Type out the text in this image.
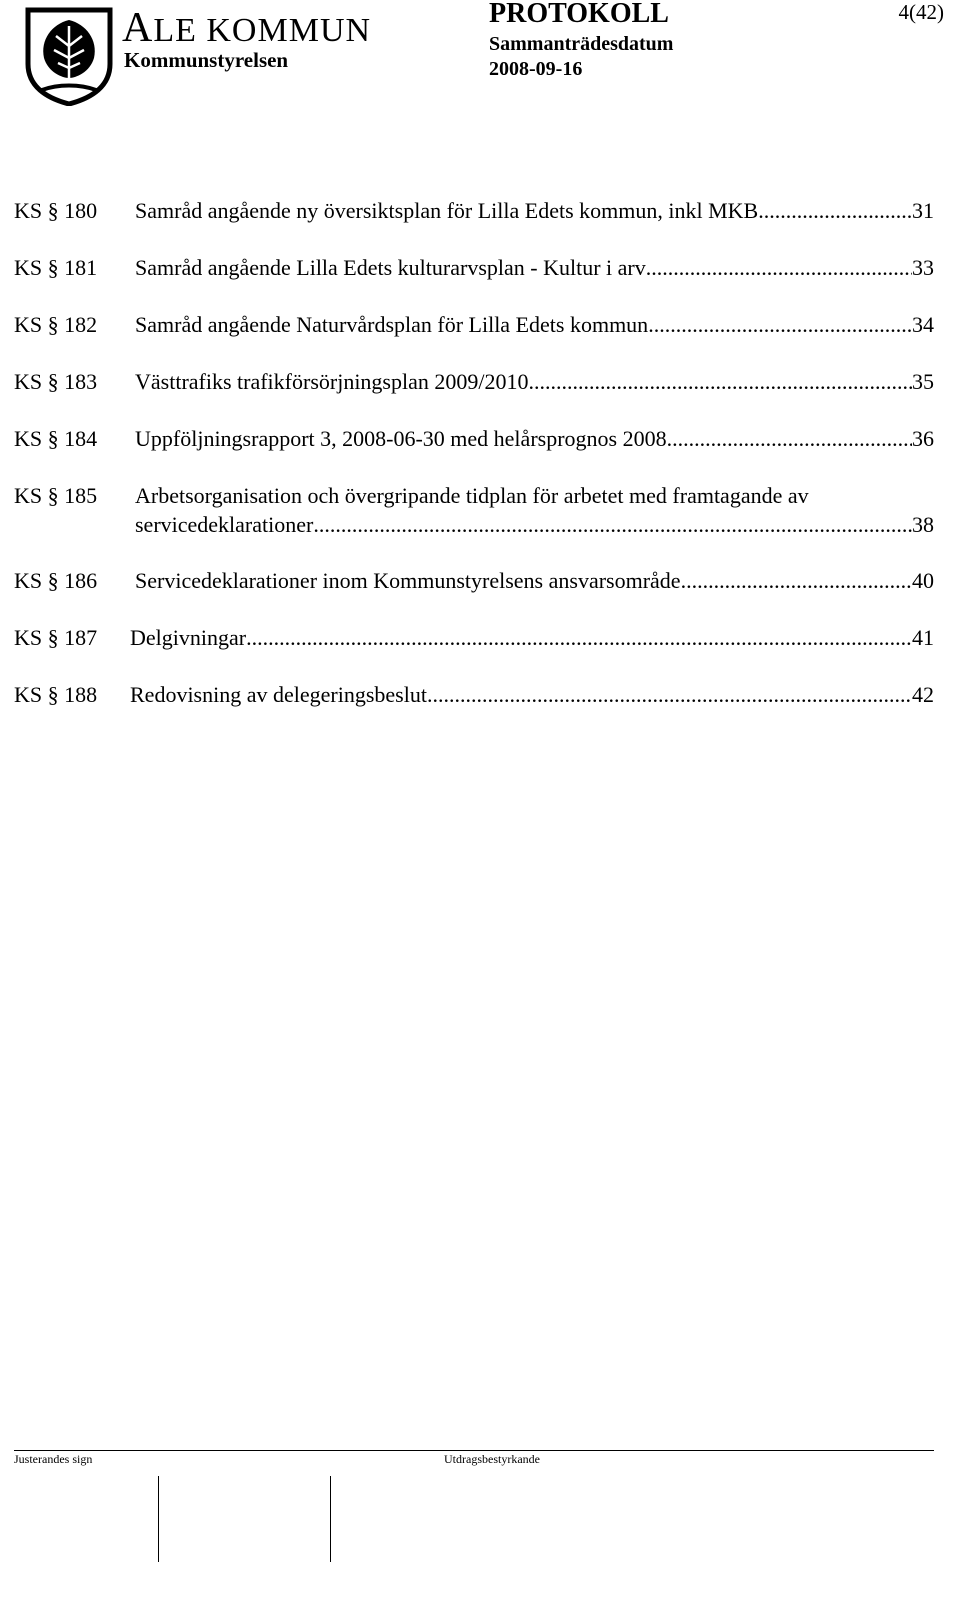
ALE KOMMUN
Kommunstyrelsen
PROTOKOLL	4(42)
Sammanträdesdatum
2008-09-16
KS § 180 Samråd angående ny översiktsplan för Lilla Edets kommun, inkl MKB .....	31
KS § 181 Samråd angående Lilla Edets kulturarvsplan - Kultur i arv .....	33
KS § 182 Samråd angående Naturvårdsplan för Lilla Edets kommun .....	34
KS § 183 Västtrafiks trafikförsörjningsplan 2009/2010 .....	35
KS § 184 Uppföljningsrapport 3, 2008-06-30 med helårsprognos 2008 .....	36
KS § 185 Arbetsorganisation och övergripande tidplan för arbetet med framtagande av
servicedeklarationer .....	38
KS § 186 Servicedeklarationer inom Kommunstyrelsens ansvarsområde .....	40
KS § 187 Delgivningar .....	41
KS § 188 Redovisning av delegeringsbeslut .....	42
Justerandes sign	Utdragsbestyrkande
